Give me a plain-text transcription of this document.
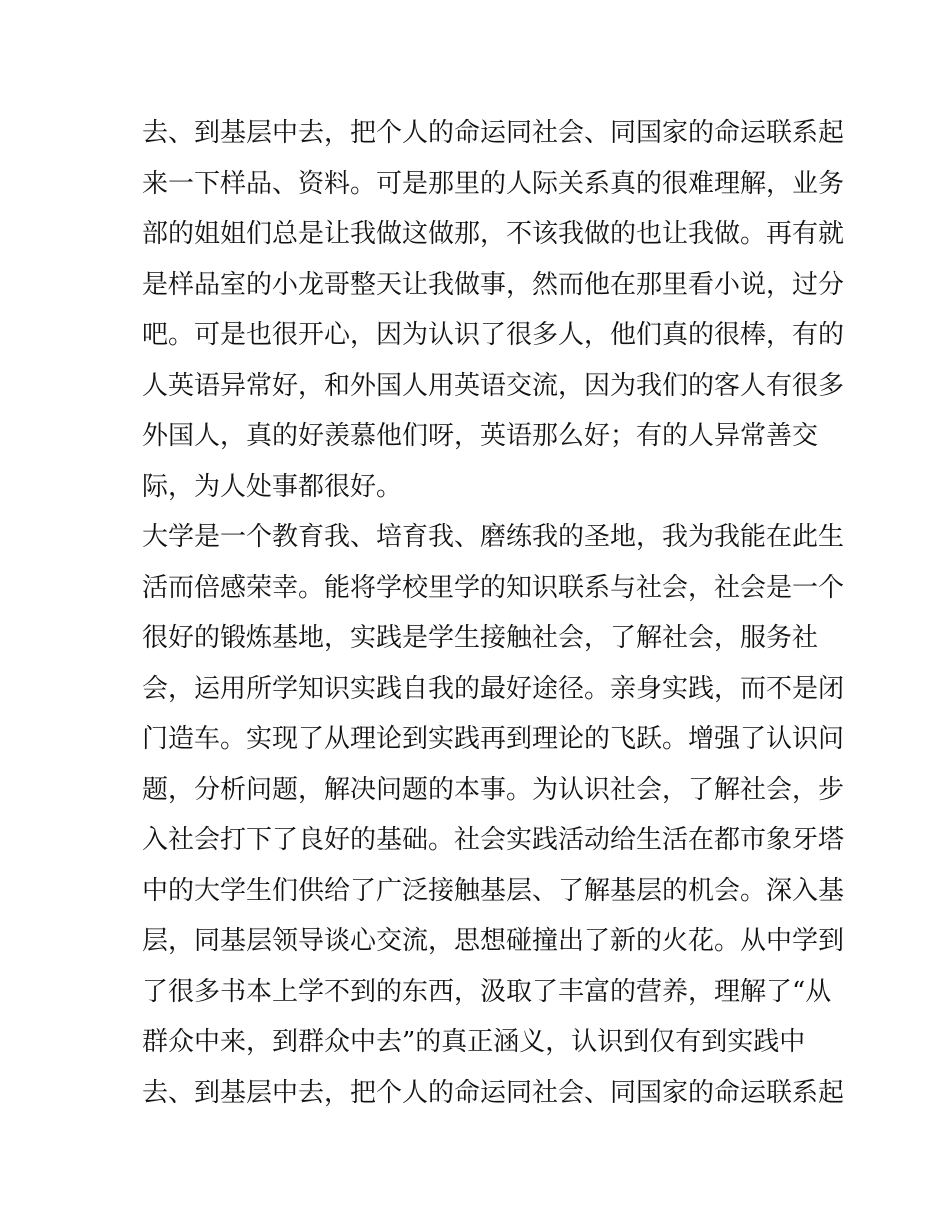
去、到基层中去，把个人的命运同社会、同国家的命运联系起
来一下样品、资料。可是那里的人际关系真的很难理解，业务
部的姐姐们总是让我做这做那，不该我做的也让我做。再有就
是样品室的小龙哥整天让我做事，然而他在那里看小说，过分
吧。可是也很开心，因为认识了很多人，他们真的很棒，有的
人英语异常好，和外国人用英语交流，因为我们的客人有很多
外国人，真的好羡慕他们呀，英语那么好；有的人异常善交
际，为人处事都很好。
大学是一个教育我、培育我、磨练我的圣地，我为我能在此生
活而倍感荣幸。能将学校里学的知识联系与社会，社会是一个
很好的锻炼基地，实践是学生接触社会，了解社会，服务社
会，运用所学知识实践自我的最好途径。亲身实践，而不是闭
门造车。实现了从理论到实践再到理论的飞跃。增强了认识问
题，分析问题，解决问题的本事。为认识社会，了解社会，步
入社会打下了良好的基础。社会实践活动给生活在都市象牙塔
中的大学生们供给了广泛接触基层、了解基层的机会。深入基
层，同基层领导谈心交流，思想碰撞出了新的火花。从中学到
了很多书本上学不到的东西，汲取了丰富的营养，理解了“从
群众中来，到群众中去”的真正涵义，认识到仅有到实践中
去、到基层中去，把个人的命运同社会、同国家的命运联系起
